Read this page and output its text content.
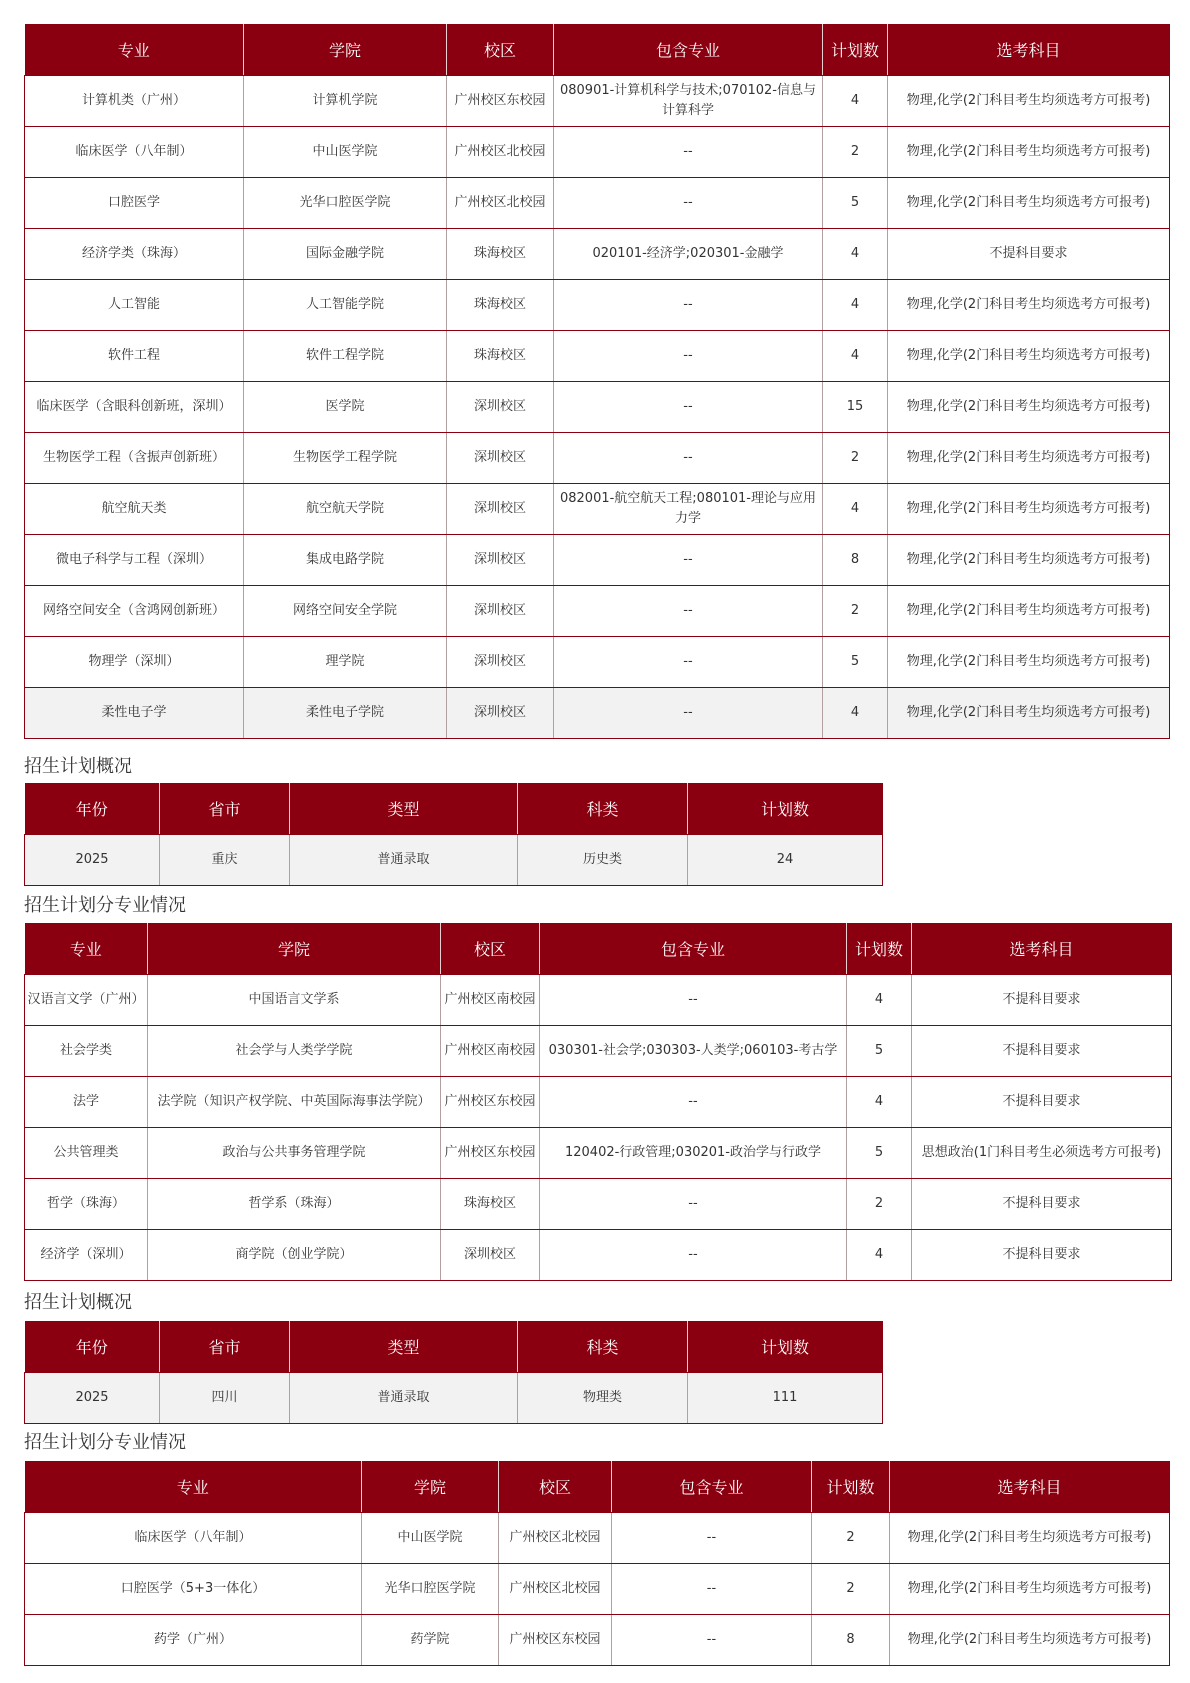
专业	学院	校区	包含专业	计划数	选考科目
计算机类（广州）	计算机学院	广州校区东校园	080901-计算机科学与技术;070102-信息与计算科学	4	物理,化学(2门科目考生均须选考方可报考)
临床医学（八年制）	中山医学院	广州校区北校园	--	2	物理,化学(2门科目考生均须选考方可报考)
口腔医学	光华口腔医学院	广州校区北校园	--	5	物理,化学(2门科目考生均须选考方可报考)
经济学类（珠海）	国际金融学院	珠海校区	020101-经济学;020301-金融学	4	不提科目要求
人工智能	人工智能学院	珠海校区	--	4	物理,化学(2门科目考生均须选考方可报考)
软件工程	软件工程学院	珠海校区	--	4	物理,化学(2门科目考生均须选考方可报考)
临床医学（含眼科创新班，深圳）	医学院	深圳校区	--	15	物理,化学(2门科目考生均须选考方可报考)
生物医学工程（含振声创新班）	生物医学工程学院	深圳校区	--	2	物理,化学(2门科目考生均须选考方可报考)
航空航天类	航空航天学院	深圳校区	082001-航空航天工程;080101-理论与应用力学	4	物理,化学(2门科目考生均须选考方可报考)
微电子科学与工程（深圳）	集成电路学院	深圳校区	--	8	物理,化学(2门科目考生均须选考方可报考)
网络空间安全（含鸿网创新班）	网络空间安全学院	深圳校区	--	2	物理,化学(2门科目考生均须选考方可报考)
物理学（深圳）	理学院	深圳校区	--	5	物理,化学(2门科目考生均须选考方可报考)
柔性电子学	柔性电子学院	深圳校区	--	4	物理,化学(2门科目考生均须选考方可报考)
招生计划概况
年份	省市	类型	科类	计划数
2025	重庆	普通录取	历史类	24
招生计划分专业情况
专业	学院	校区	包含专业	计划数	选考科目
汉语言文学（广州）	中国语言文学系	广州校区南校园	--	4	不提科目要求
社会学类	社会学与人类学学院	广州校区南校园	030301-社会学;030303-人类学;060103-考古学	5	不提科目要求
法学	法学院（知识产权学院、中英国际海事法学院）	广州校区东校园	--	4	不提科目要求
公共管理类	政治与公共事务管理学院	广州校区东校园	120402-行政管理;030201-政治学与行政学	5	思想政治(1门科目考生必须选考方可报考)
哲学（珠海）	哲学系（珠海）	珠海校区	--	2	不提科目要求
经济学（深圳）	商学院（创业学院）	深圳校区	--	4	不提科目要求
招生计划概况
年份	省市	类型	科类	计划数
2025	四川	普通录取	物理类	111
招生计划分专业情况
专业	学院	校区	包含专业	计划数	选考科目
临床医学（八年制）	中山医学院	广州校区北校园	--	2	物理,化学(2门科目考生均须选考方可报考)
口腔医学（5+3一体化）	光华口腔医学院	广州校区北校园	--	2	物理,化学(2门科目考生均须选考方可报考)
药学（广州）	药学院	广州校区东校园	--	8	物理,化学(2门科目考生均须选考方可报考)
